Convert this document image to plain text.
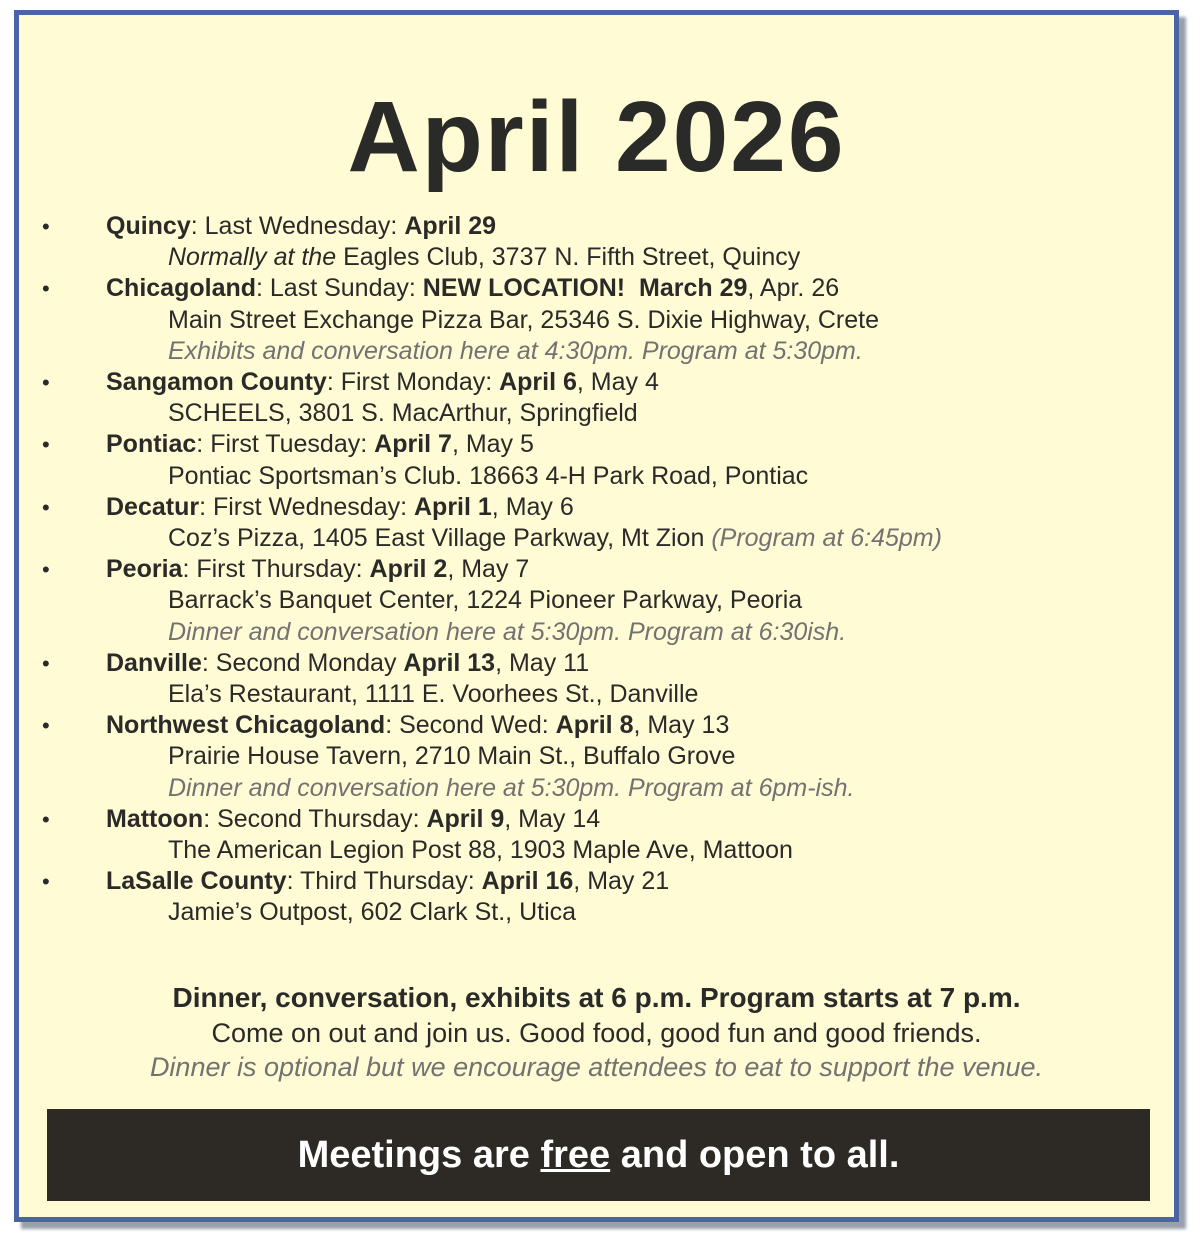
April 2026
• Quincy: Last Wednesday: April 29
Normally at the Eagles Club, 3737 N. Fifth Street, Quincy
• Chicagoland: Last Sunday: NEW LOCATION! March 29, Apr. 26
Main Street Exchange Pizza Bar, 25346 S. Dixie Highway, Crete
Exhibits and conversation here at 4:30pm. Program at 5:30pm.
• Sangamon County: First Monday: April 6, May 4
SCHEELS, 3801 S. MacArthur, Springfield
• Pontiac: First Tuesday: April 7, May 5
Pontiac Sportsman’s Club. 18663 4-H Park Road, Pontiac
• Decatur: First Wednesday: April 1, May 6
Coz’s Pizza, 1405 East Village Parkway, Mt Zion (Program at 6:45pm)
• Peoria: First Thursday: April 2, May 7
Barrack’s Banquet Center, 1224 Pioneer Parkway, Peoria
Dinner and conversation here at 5:30pm. Program at 6:30ish.
• Danville: Second Monday April 13, May 11
Ela’s Restaurant, 1111 E. Voorhees St., Danville
• Northwest Chicagoland: Second Wed: April 8, May 13
Prairie House Tavern, 2710 Main St., Buffalo Grove
Dinner and conversation here at 5:30pm. Program at 6pm-ish.
• Mattoon: Second Thursday: April 9, May 14
The American Legion Post 88, 1903 Maple Ave, Mattoon
• LaSalle County: Third Thursday: April 16, May 21
Jamie’s Outpost, 602 Clark St., Utica
Dinner, conversation, exhibits at 6 p.m. Program starts at 7 p.m.
Come on out and join us. Good food, good fun and good friends.
Dinner is optional but we encourage attendees to eat to support the venue.
Meetings are free and open to all.
